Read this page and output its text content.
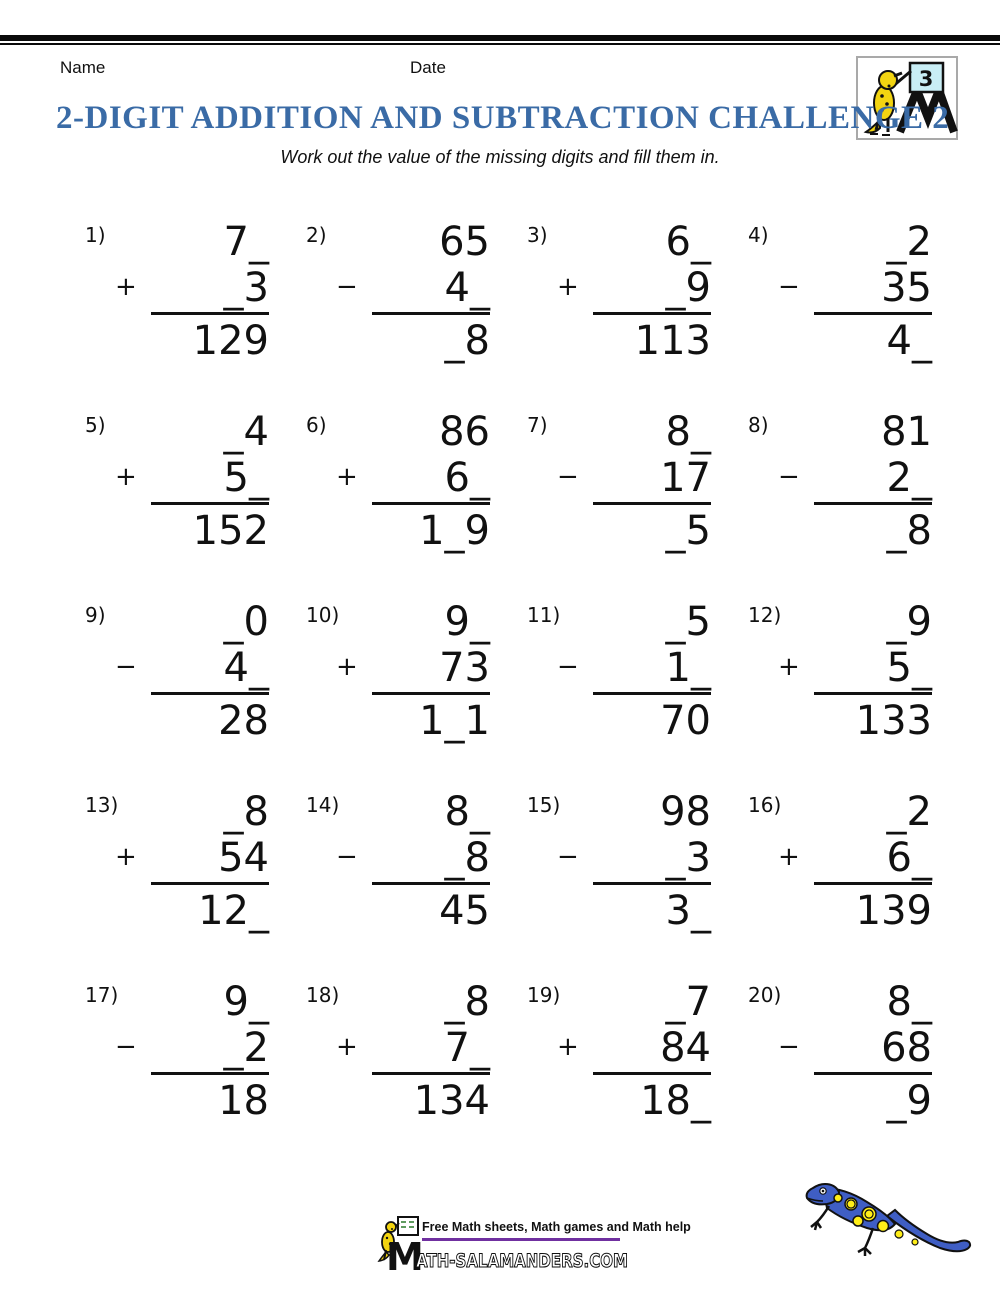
Name	Date	3
2-DIGIT ADDITION AND SUBTRACTION CHALLENGE 2
Work out the value of the missing digits and fill them in.
1)	7_
+ _3
129
2)	65
− 4_
_8
3)	6_
+ _9
113
4)	_2
− 35
4_
5)	_4
+ 5_
152
6)	86
+ 6_
1_9
7)	8_
− 17
_5
8)	81
− 2_
_8
9)	_0
− 4_
28
10)	9_
+ 73
1_1
11)	_5
− 1_
70
12)	_9
+ 5_
133
13)	_8
+ 54
12_
14)	8_
− _8
45
15)	98
− _3
3_
16)	_2
+ 6_
139
17)	9_
− _2
18
18)	_8
+ 7_
134
19)	_7
+ 84
18_
20)	8_
− 68
_9
Free Math sheets, Math games and Math help
M
ATH-SALAMANDERS.COM
